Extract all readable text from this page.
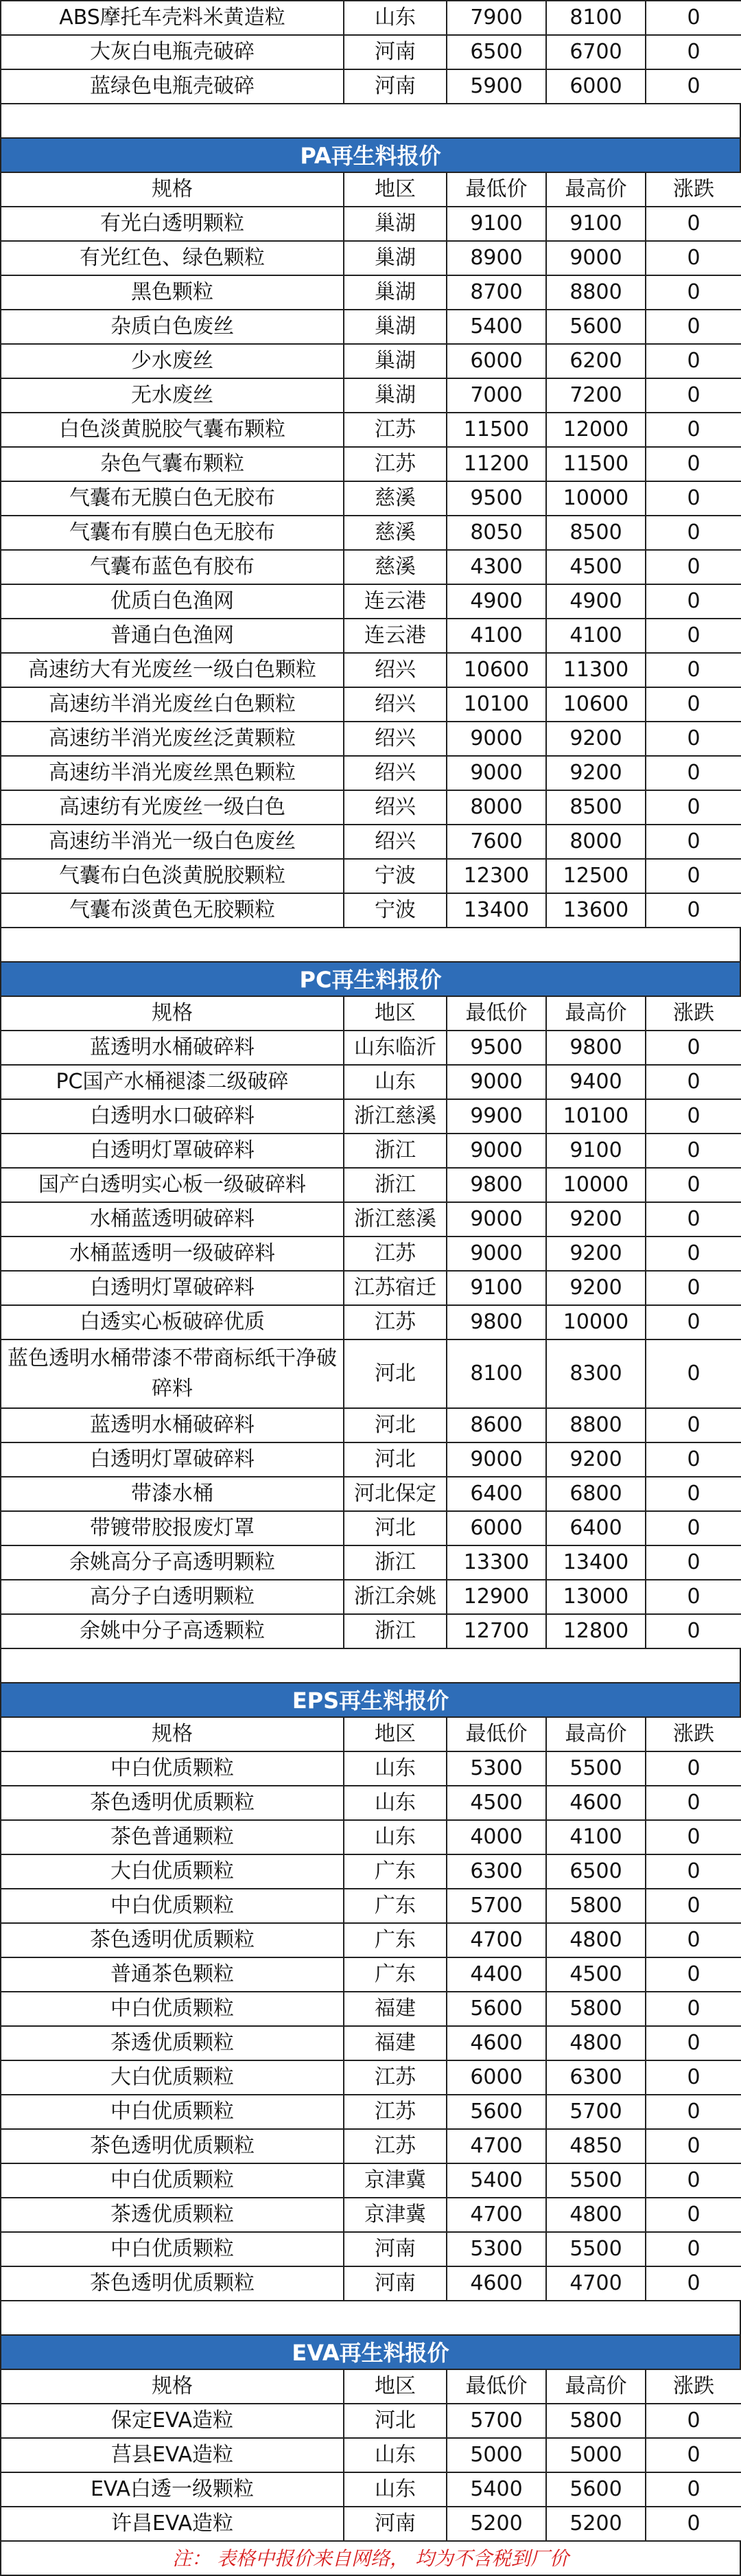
ABS摩托车壳料米黄造粒	山东	7900	8100	0
大灰白电瓶壳破碎	河南	6500	6700	0
蓝绿色电瓶壳破碎	河南	5900	6000	0
PA再生料报价
规格	地区	最低价	最高价	涨跌
有光白透明颗粒	巢湖	9100	9100	0
有光红色、绿色颗粒	巢湖	8900	9000	0
黑色颗粒	巢湖	8700	8800	0
杂质白色废丝	巢湖	5400	5600	0
少水废丝	巢湖	6000	6200	0
无水废丝	巢湖	7000	7200	0
白色淡黄脱胶气囊布颗粒	江苏	11500	12000	0
杂色气囊布颗粒	江苏	11200	11500	0
气囊布无膜白色无胶布	慈溪	9500	10000	0
气囊布有膜白色无胶布	慈溪	8050	8500	0
气囊布蓝色有胶布	慈溪	4300	4500	0
优质白色渔网	连云港	4900	4900	0
普通白色渔网	连云港	4100	4100	0
高速纺大有光废丝一级白色颗粒	绍兴	10600	11300	0
高速纺半消光废丝白色颗粒	绍兴	10100	10600	0
高速纺半消光废丝泛黄颗粒	绍兴	9000	9200	0
高速纺半消光废丝黑色颗粒	绍兴	9000	9200	0
高速纺有光废丝一级白色	绍兴	8000	8500	0
高速纺半消光一级白色废丝	绍兴	7600	8000	0
气囊布白色淡黄脱胶颗粒	宁波	12300	12500	0
气囊布淡黄色无胶颗粒	宁波	13400	13600	0
PC再生料报价
规格	地区	最低价	最高价	涨跌
蓝透明水桶破碎料	山东临沂	9500	9800	0
PC国产水桶褪漆二级破碎	山东	9000	9400	0
白透明水口破碎料	浙江慈溪	9900	10100	0
白透明灯罩破碎料	浙江	9000	9100	0
国产白透明实心板一级破碎料	浙江	9800	10000	0
水桶蓝透明破碎料	浙江慈溪	9000	9200	0
水桶蓝透明一级破碎料	江苏	9000	9200	0
白透明灯罩破碎料	江苏宿迁	9100	9200	0
白透实心板破碎优质	江苏	9800	10000	0
蓝色透明水桶带漆不带商标纸干净破碎料	河北	8100	8300	0
蓝透明水桶破碎料	河北	8600	8800	0
白透明灯罩破碎料	河北	9000	9200	0
带漆水桶	河北保定	6400	6800	0
带镀带胶报废灯罩	河北	6000	6400	0
余姚高分子高透明颗粒	浙江	13300	13400	0
高分子白透明颗粒	浙江余姚	12900	13000	0
余姚中分子高透颗粒	浙江	12700	12800	0
EPS再生料报价
规格	地区	最低价	最高价	涨跌
中白优质颗粒	山东	5300	5500	0
茶色透明优质颗粒	山东	4500	4600	0
茶色普通颗粒	山东	4000	4100	0
大白优质颗粒	广东	6300	6500	0
中白优质颗粒	广东	5700	5800	0
茶色透明优质颗粒	广东	4700	4800	0
普通茶色颗粒	广东	4400	4500	0
中白优质颗粒	福建	5600	5800	0
茶透优质颗粒	福建	4600	4800	0
大白优质颗粒	江苏	6000	6300	0
中白优质颗粒	江苏	5600	5700	0
茶色透明优质颗粒	江苏	4700	4850	0
中白优质颗粒	京津冀	5400	5500	0
茶透优质颗粒	京津冀	4700	4800	0
中白优质颗粒	河南	5300	5500	0
茶色透明优质颗粒	河南	4600	4700	0
EVA再生料报价
规格	地区	最低价	最高价	涨跌
保定EVA造粒	河北	5700	5800	0
莒县EVA造粒	山东	5000	5000	0
EVA白透一级颗粒	山东	5400	5600	0
许昌EVA造粒	河南	5200	5200	0
注： 表格中报价来自网络， 均为不含税到厂价
